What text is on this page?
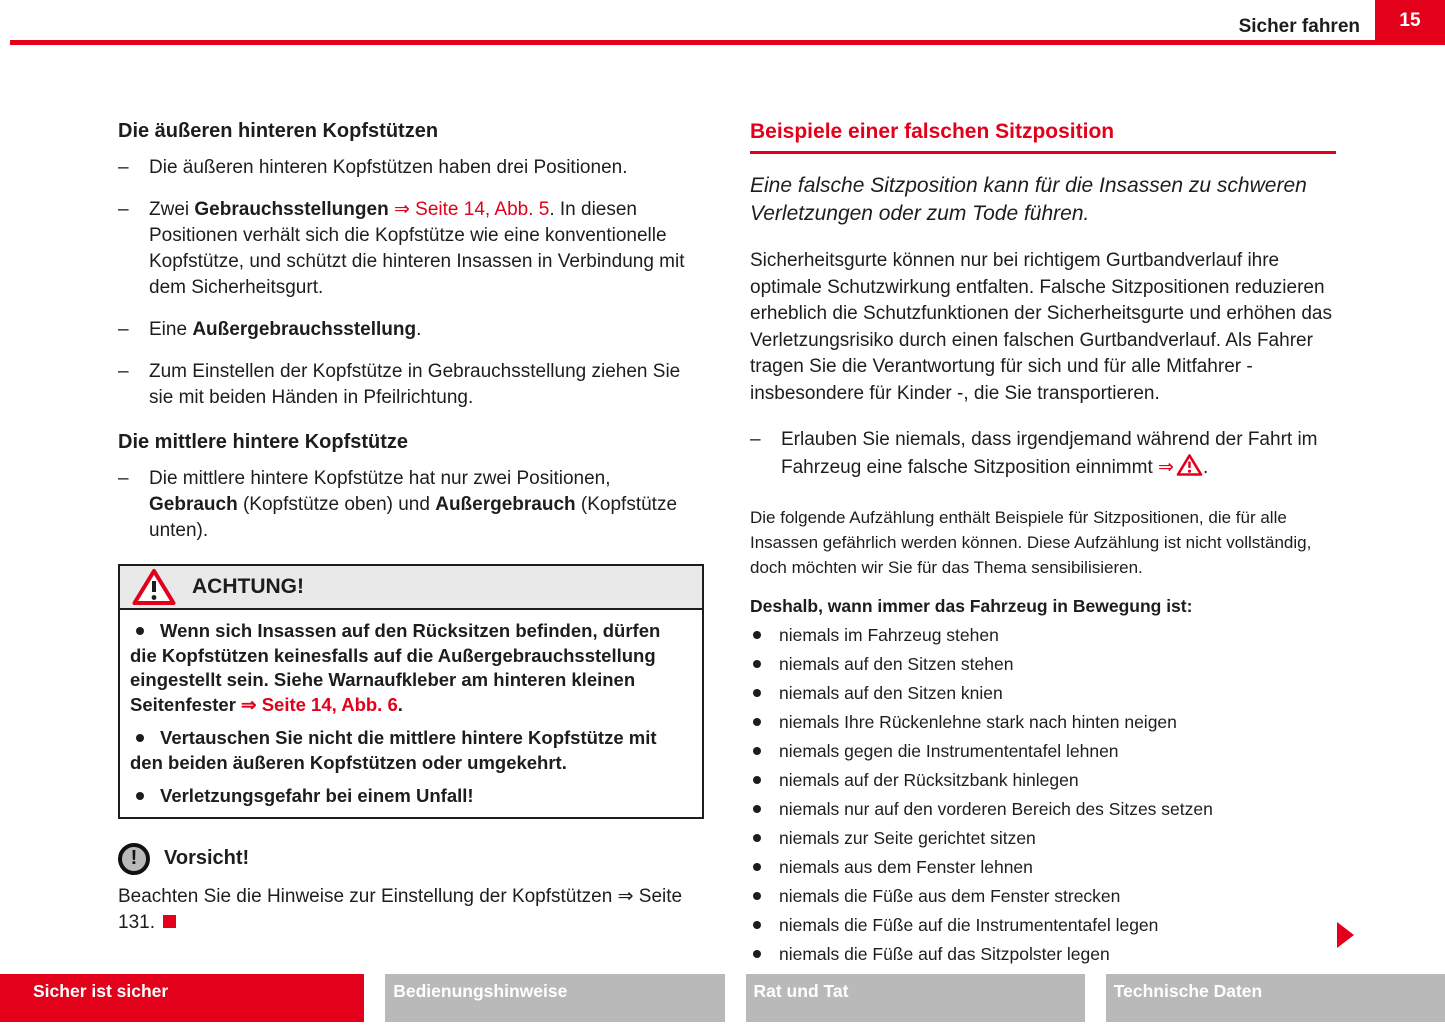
Sicher fahren	15
Die äußeren hinteren Kopfstützen

– Die äußeren hinteren Kopfstützen haben drei Positionen.

– Zwei Gebrauchsstellungen ⇒ Seite 14, Abb. 5. In diesen Positionen verhält sich die Kopfstütze wie eine konventionelle Kopfstütze, und schützt die hinteren Insassen in Verbindung mit dem Sicherheitsgurt.

– Eine Außergebrauchsstellung.

– Zum Einstellen der Kopfstütze in Gebrauchsstellung ziehen Sie sie mit beiden Händen in Pfeilrichtung.

Die mittlere hintere Kopfstütze

– Die mittlere hintere Kopfstütze hat nur zwei Positionen, Gebrauch (Kopfstütze oben) und Außergebrauch (Kopfstütze unten).

ACHTUNG!

Wenn sich Insassen auf den Rücksitzen befinden, dürfen die Kopfstützen keinesfalls auf die Außergebrauchsstellung eingestellt sein. Siehe Warnaufkleber am hinteren kleinen Seitenfester ⇒ Seite 14, Abb. 6.

Vertauschen Sie nicht die mittlere hintere Kopfstütze mit den beiden äußeren Kopfstützen oder umgekehrt.

Verletzungsgefahr bei einem Unfall!

!	Vorsicht!

Beachten Sie die Hinweise zur Einstellung der Kopfstützen ⇒ Seite 131.

Beispiele einer falschen Sitzposition

Eine falsche Sitzposition kann für die Insassen zu schweren Verletzungen oder zum Tode führen.

Sicherheitsgurte können nur bei richtigem Gurtbandverlauf ihre optimale Schutzwirkung entfalten. Falsche Sitzpositionen reduzieren erheblich die Schutzfunktionen der Sicherheitsgurte und erhöhen das Verletzungsrisiko durch einen falschen Gurtbandverlauf. Als Fahrer tragen Sie die Verantwortung für sich und für alle Mitfahrer - insbesondere für Kinder -, die Sie transportieren.

– Erlauben Sie niemals, dass irgendjemand während der Fahrt im Fahrzeug eine falsche Sitzposition einnimmt ⇒ .

Die folgende Aufzählung enthält Beispiele für Sitzpositionen, die für alle Insassen gefährlich werden können. Diese Aufzählung ist nicht vollständig, doch möchten wir Sie für das Thema sensibilisieren.

Deshalb, wann immer das Fahrzeug in Bewegung ist:

niemals im Fahrzeug stehen
niemals auf den Sitzen stehen
niemals auf den Sitzen knien
niemals Ihre Rückenlehne stark nach hinten neigen
niemals gegen die Instrumententafel lehnen
niemals auf der Rücksitzbank hinlegen
niemals nur auf den vorderen Bereich des Sitzes setzen
niemals zur Seite gerichtet sitzen
niemals aus dem Fenster lehnen
niemals die Füße aus dem Fenster strecken
niemals die Füße auf die Instrumententafel legen
niemals die Füße auf das Sitzpolster legen
Sicher ist sicher	Bedienungshinweise	Rat und Tat	Technische Daten
